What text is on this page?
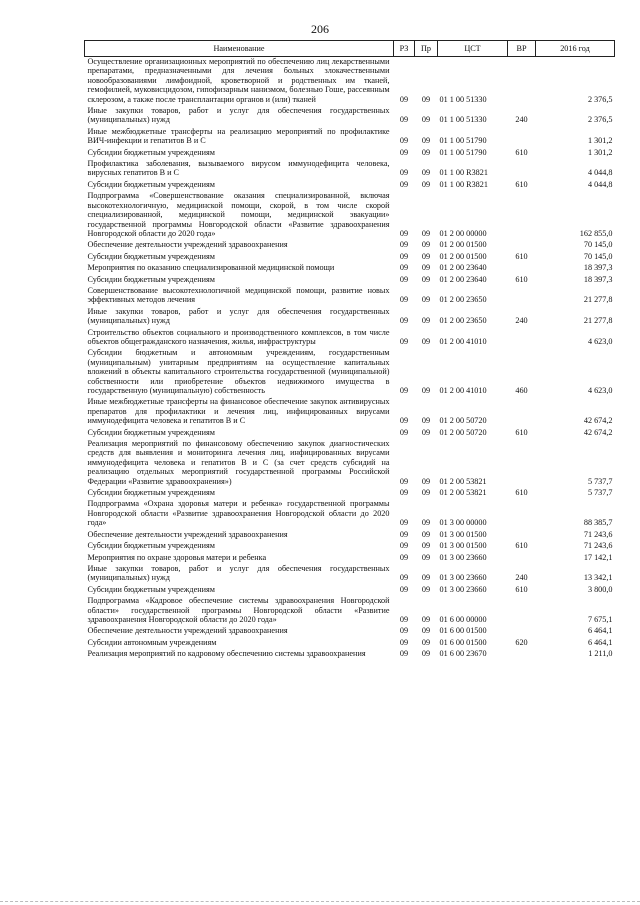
206
Наименование	РЗ	Пр	ЦСТ	ВР	2016 год
Осуществление организационных мероприятий по обеспечению лиц лекарственными препаратами, предназначенными для лечения больных злокачественными новообразованиями лимфоидной, кроветворной и родственных им тканей, гемофилией, муковисцидозом, гипофизарным нанизмом, болезнью Гоше, рассеянным склерозом, а также после трансплантации органов и (или) тканей	09	09	01 1 00 51330		2 376,5
Иные закупки товаров, работ и услуг для обеспечения государственных (муниципальных) нужд	09	09	01 1 00 51330	240	2 376,5
Иные межбюджетные трансферты на реализацию мероприятий по профилактике ВИЧ-инфекции и гепатитов В и С	09	09	01 1 00 51790		1 301,2
Субсидии бюджетным учреждениям	09	09	01 1 00 51790	610	1 301,2
Профилактика заболевания, вызываемого вирусом иммунодефицита человека, вирусных гепатитов В и С	09	09	01 1 00 R3821		4 044,8
Субсидии бюджетным учреждениям	09	09	01 1 00 R3821	610	4 044,8
Подпрограмма «Совершенствование оказания специализированной, включая высокотехнологичную, медицинской помощи, скорой, в том числе скорой специализированной, медицинской помощи, медицинской эвакуации» государственной программы Новгородской области «Развитие здравоохранения Новгородской области до 2020 года»	09	09	01 2 00 00000		162 855,0
Обеспечение деятельности учреждений здравоохранения	09	09	01 2 00 01500		70 145,0
Субсидии бюджетным учреждениям	09	09	01 2 00 01500	610	70 145,0
Мероприятия по оказанию специализированной медицинской помощи	09	09	01 2 00 23640		18 397,3
Субсидии бюджетным учреждениям	09	09	01 2 00 23640	610	18 397,3
Совершенствование высокотехнологичной медицинской помощи, развитие новых эффективных методов лечения	09	09	01 2 00 23650		21 277,8
Иные закупки товаров, работ и услуг для обеспечения государственных (муниципальных) нужд	09	09	01 2 00 23650	240	21 277,8
Строительство объектов социального и производственного комплексов, в том числе объектов общегражданского назначения, жилья, инфраструктуры	09	09	01 2 00 41010		4 623,0
Субсидии бюджетным и автономным учреждениям, государственным (муниципальным) унитарным предприятиям на осуществление капитальных вложений в объекты капитального строительства государственной (муниципальной) собственности или приобретение объектов недвижимого имущества в государственную (муниципальную) собственность	09	09	01 2 00 41010	460	4 623,0
Иные межбюджетные трансферты на финансовое обеспечение закупок антивирусных препаратов для профилактики и лечения лиц, инфицированных вирусами иммунодефицита человека и гепатитов В и С	09	09	01 2 00 50720		42 674,2
Субсидии бюджетным учреждениям	09	09	01 2 00 50720	610	42 674,2
Реализация мероприятий по финансовому обеспечению закупок диагностических средств для выявления и мониторинга лечения лиц, инфицированных вирусами иммунодефицита человека и гепатитов В и С (за счет средств субсидий на реализацию отдельных мероприятий государственной программы Российской Федерации «Развитие здравоохранения»)	09	09	01 2 00 53821		5 737,7
Субсидии бюджетным учреждениям	09	09	01 2 00 53821	610	5 737,7
Подпрограмма «Охрана здоровья матери и ребенка» государственной программы Новгородской области «Развитие здравоохранения Новгородской области до 2020 года»	09	09	01 3 00 00000		88 385,7
Обеспечение деятельности учреждений здравоохранения	09	09	01 3 00 01500		71 243,6
Субсидии бюджетным учреждениям	09	09	01 3 00 01500	610	71 243,6
Мероприятия по охране здоровья матери и ребенка	09	09	01 3 00 23660		17 142,1
Иные закупки товаров, работ и услуг для обеспечения государственных (муниципальных) нужд	09	09	01 3 00 23660	240	13 342,1
Субсидии бюджетным учреждениям	09	09	01 3 00 23660	610	3 800,0
Подпрограмма «Кадровое обеспечение системы здравоохранения Новгородской области» государственной программы Новгородской области «Развитие здравоохранения Новгородской области до 2020 года»	09	09	01 6 00 00000		7 675,1
Обеспечение деятельности учреждений здравоохранения	09	09	01 6 00 01500		6 464,1
Субсидии автономным учреждениям	09	09	01 6 00 01500	620	6 464,1
Реализация мероприятий по кадровому обеспечению системы здравоохранения	09	09	01 6 00 23670		1 211,0
